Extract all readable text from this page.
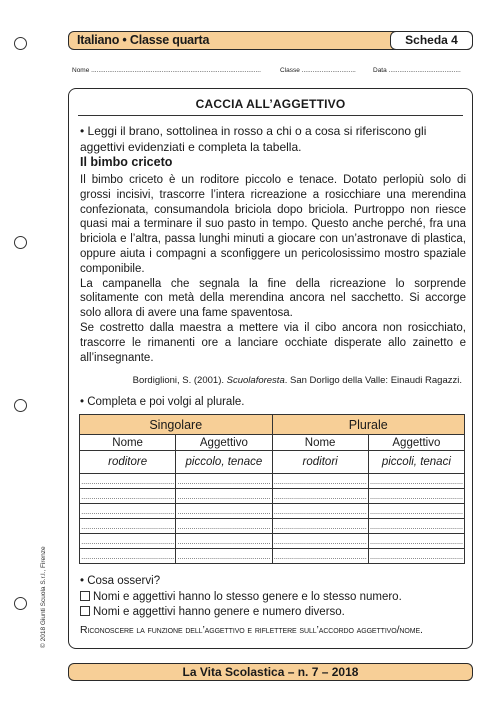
Italiano • Classe quarta	Scheda 4
Nome ..............................................................................................	Classe ..............................	Data ........................................
CACCIA ALL’AGGETTIVO
• Leggi il brano, sottolinea in rosso a chi o a cosa si riferiscono gli aggettivi evidenziati e completa la tabella.
Il bimbo criceto

Il bimbo criceto è un roditore piccolo e tenace. Dotato perlopiù solo di grossi incisivi, trascorre l’intera ricreazione a rosicchiare una merendina confezionata, consumandola briciola dopo briciola. Purtroppo non riesce quasi mai a terminare il suo pasto in tempo. Questo anche perché, fra una briciola e l’altra, passa lunghi minuti a giocare con un’astronave di plastica, oppure aiuta i compagni a sconfiggere un pericolosissimo mostro spaziale componibile.

La campanella che segnala la fine della ricreazione lo sorprende solitamente con metà della merendina ancora nel sacchetto. Si accorge solo allora di avere una fame spaventosa.

Se costretto dalla maestra a mettere via il cibo ancora non rosicchiato, trascorre le rimanenti ore a lanciare occhiate disperate allo zainetto e all’insegnante.

Bordiglioni, S. (2001). Scuolaforesta. San Dorligo della Valle: Einaudi Ragazzi.
• Completa e poi volgi al plurale.
Singolare		Plurale	
Nome	Aggettivo	Nome	Aggettivo
roditore	piccolo, tenace	roditori	piccoli, tenaci
..............................................	..............................................	..............................................	..............................................
..............................................	..............................................	..............................................	..............................................
..............................................	..............................................	..............................................	..............................................
..............................................	..............................................	..............................................	..............................................
..............................................	..............................................	..............................................	..............................................
..............................................	..............................................	..............................................	..............................................
• Cosa osservi?
Nomi e aggettivi hanno lo stesso genere e lo stesso numero.
Nomi e aggettivi hanno genere e numero diverso.
Riconoscere la funzione dell’aggettivo e riflettere sull’accordo aggettivo/nome.
© 2018 Giunti Scuola S.r.l., Firenze
La Vita Scolastica – n. 7 – 2018
